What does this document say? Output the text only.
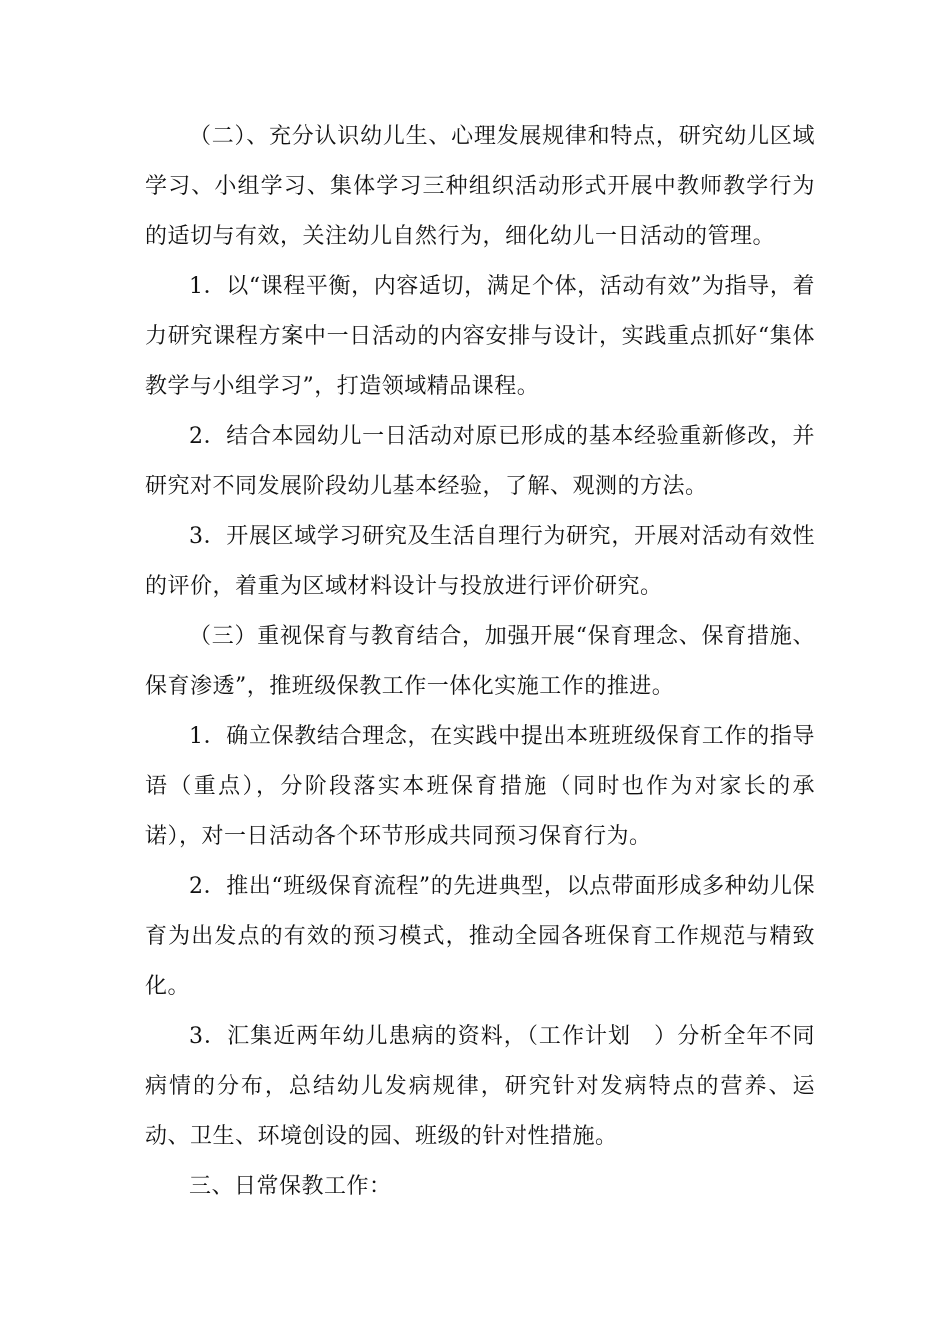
（二）、充分认识幼儿生、心理发展规律和特点，研究幼儿区域学习、小组学习、集体学习三种组织活动形式开展中教师教学行为的适切与有效，关注幼儿自然行为，细化幼儿一日活动的管理。

1．以“课程平衡，内容适切，满足个体，活动有效”为指导，着力研究课程方案中一日活动的内容安排与设计，实践重点抓好“集体教学与小组学习”，打造领域精品课程。

2．结合本园幼儿一日活动对原已形成的基本经验重新修改，并研究对不同发展阶段幼儿基本经验，了解、观测的方法。

3．开展区域学习研究及生活自理行为研究，开展对活动有效性的评价，着重为区域材料设计与投放进行评价研究。

（三）重视保育与教育结合，加强开展“保育理念、保育措施、保育渗透”，推班级保教工作一体化实施工作的推进。

1．确立保教结合理念，在实践中提出本班班级保育工作的指导语（重点），分阶段落实本班保育措施（同时也作为对家长的承诺），对一日活动各个环节形成共同预习保育行为。

2．推出“班级保育流程”的先进典型，以点带面形成多种幼儿保育为出发点的有效的预习模式，推动全园各班保育工作规范与精致化。

3．汇集近两年幼儿患病的资料，（工作计划　）分析全年不同病情的分布，总结幼儿发病规律，研究针对发病特点的营养、运动、卫生、环境创设的园、班级的针对性措施。

三、日常保教工作：
